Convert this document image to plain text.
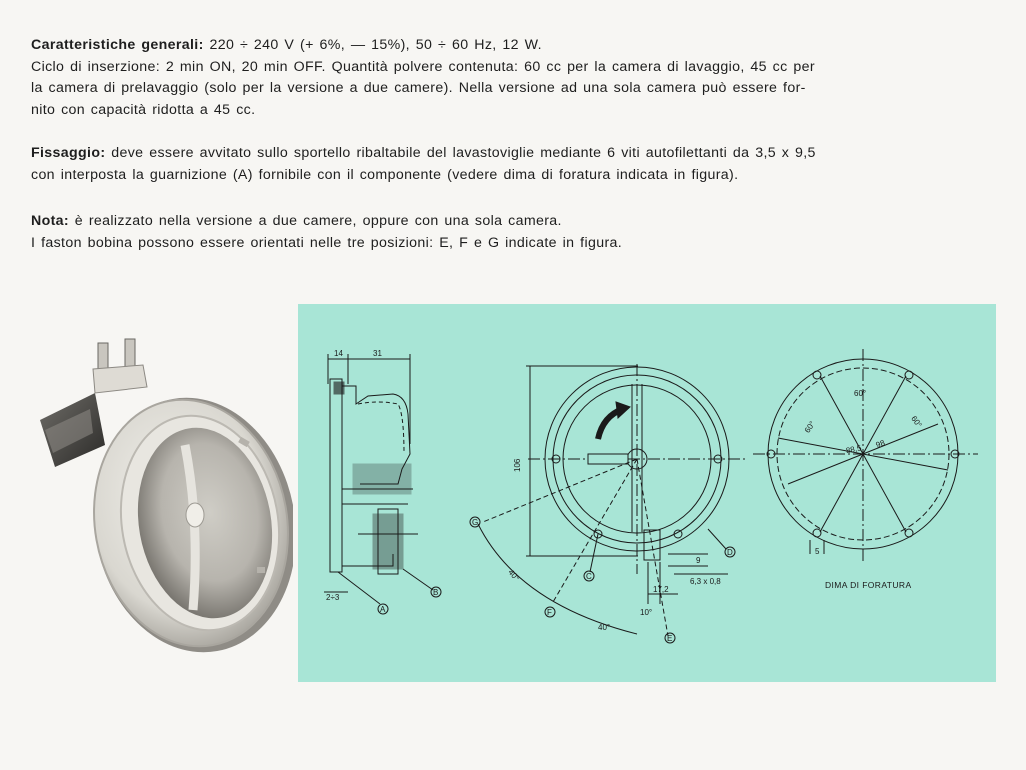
Caratteristiche generali: 220 ÷ 240 V (+ 6%, — 15%), 50 ÷ 60 Hz, 12 W.
Ciclo di inserzione: 2 min ON, 20 min OFF. Quantità polvere contenuta: 60 cc per la camera di lavaggio, 45 cc per
la camera di prelavaggio (solo per la versione a due camere). Nella versione ad una sola camera può essere for-
nito con capacità ridotta a 45 cc.
Fissaggio: deve essere avvitato sullo sportello ribaltabile del lavastoviglie mediante 6 viti autofilettanti da 3,5 x 9,5
con interposta la guarnizione (A) fornibile con il componente (vedere dima di foratura indicata in figura).
Nota: è realizzato nella versione a due camere, oppure con una sola camera.
I faston bobina possono essere orientati nelle tre posizioni: E, F e G indicate in figura.
14	31
2÷3
A
B
106
9
6,3 x 0,8
17,2
40°
40°
10°
G
F
E
C
D
60°
60°	60°
88,5 98
5
DIMA DI FORATURA
